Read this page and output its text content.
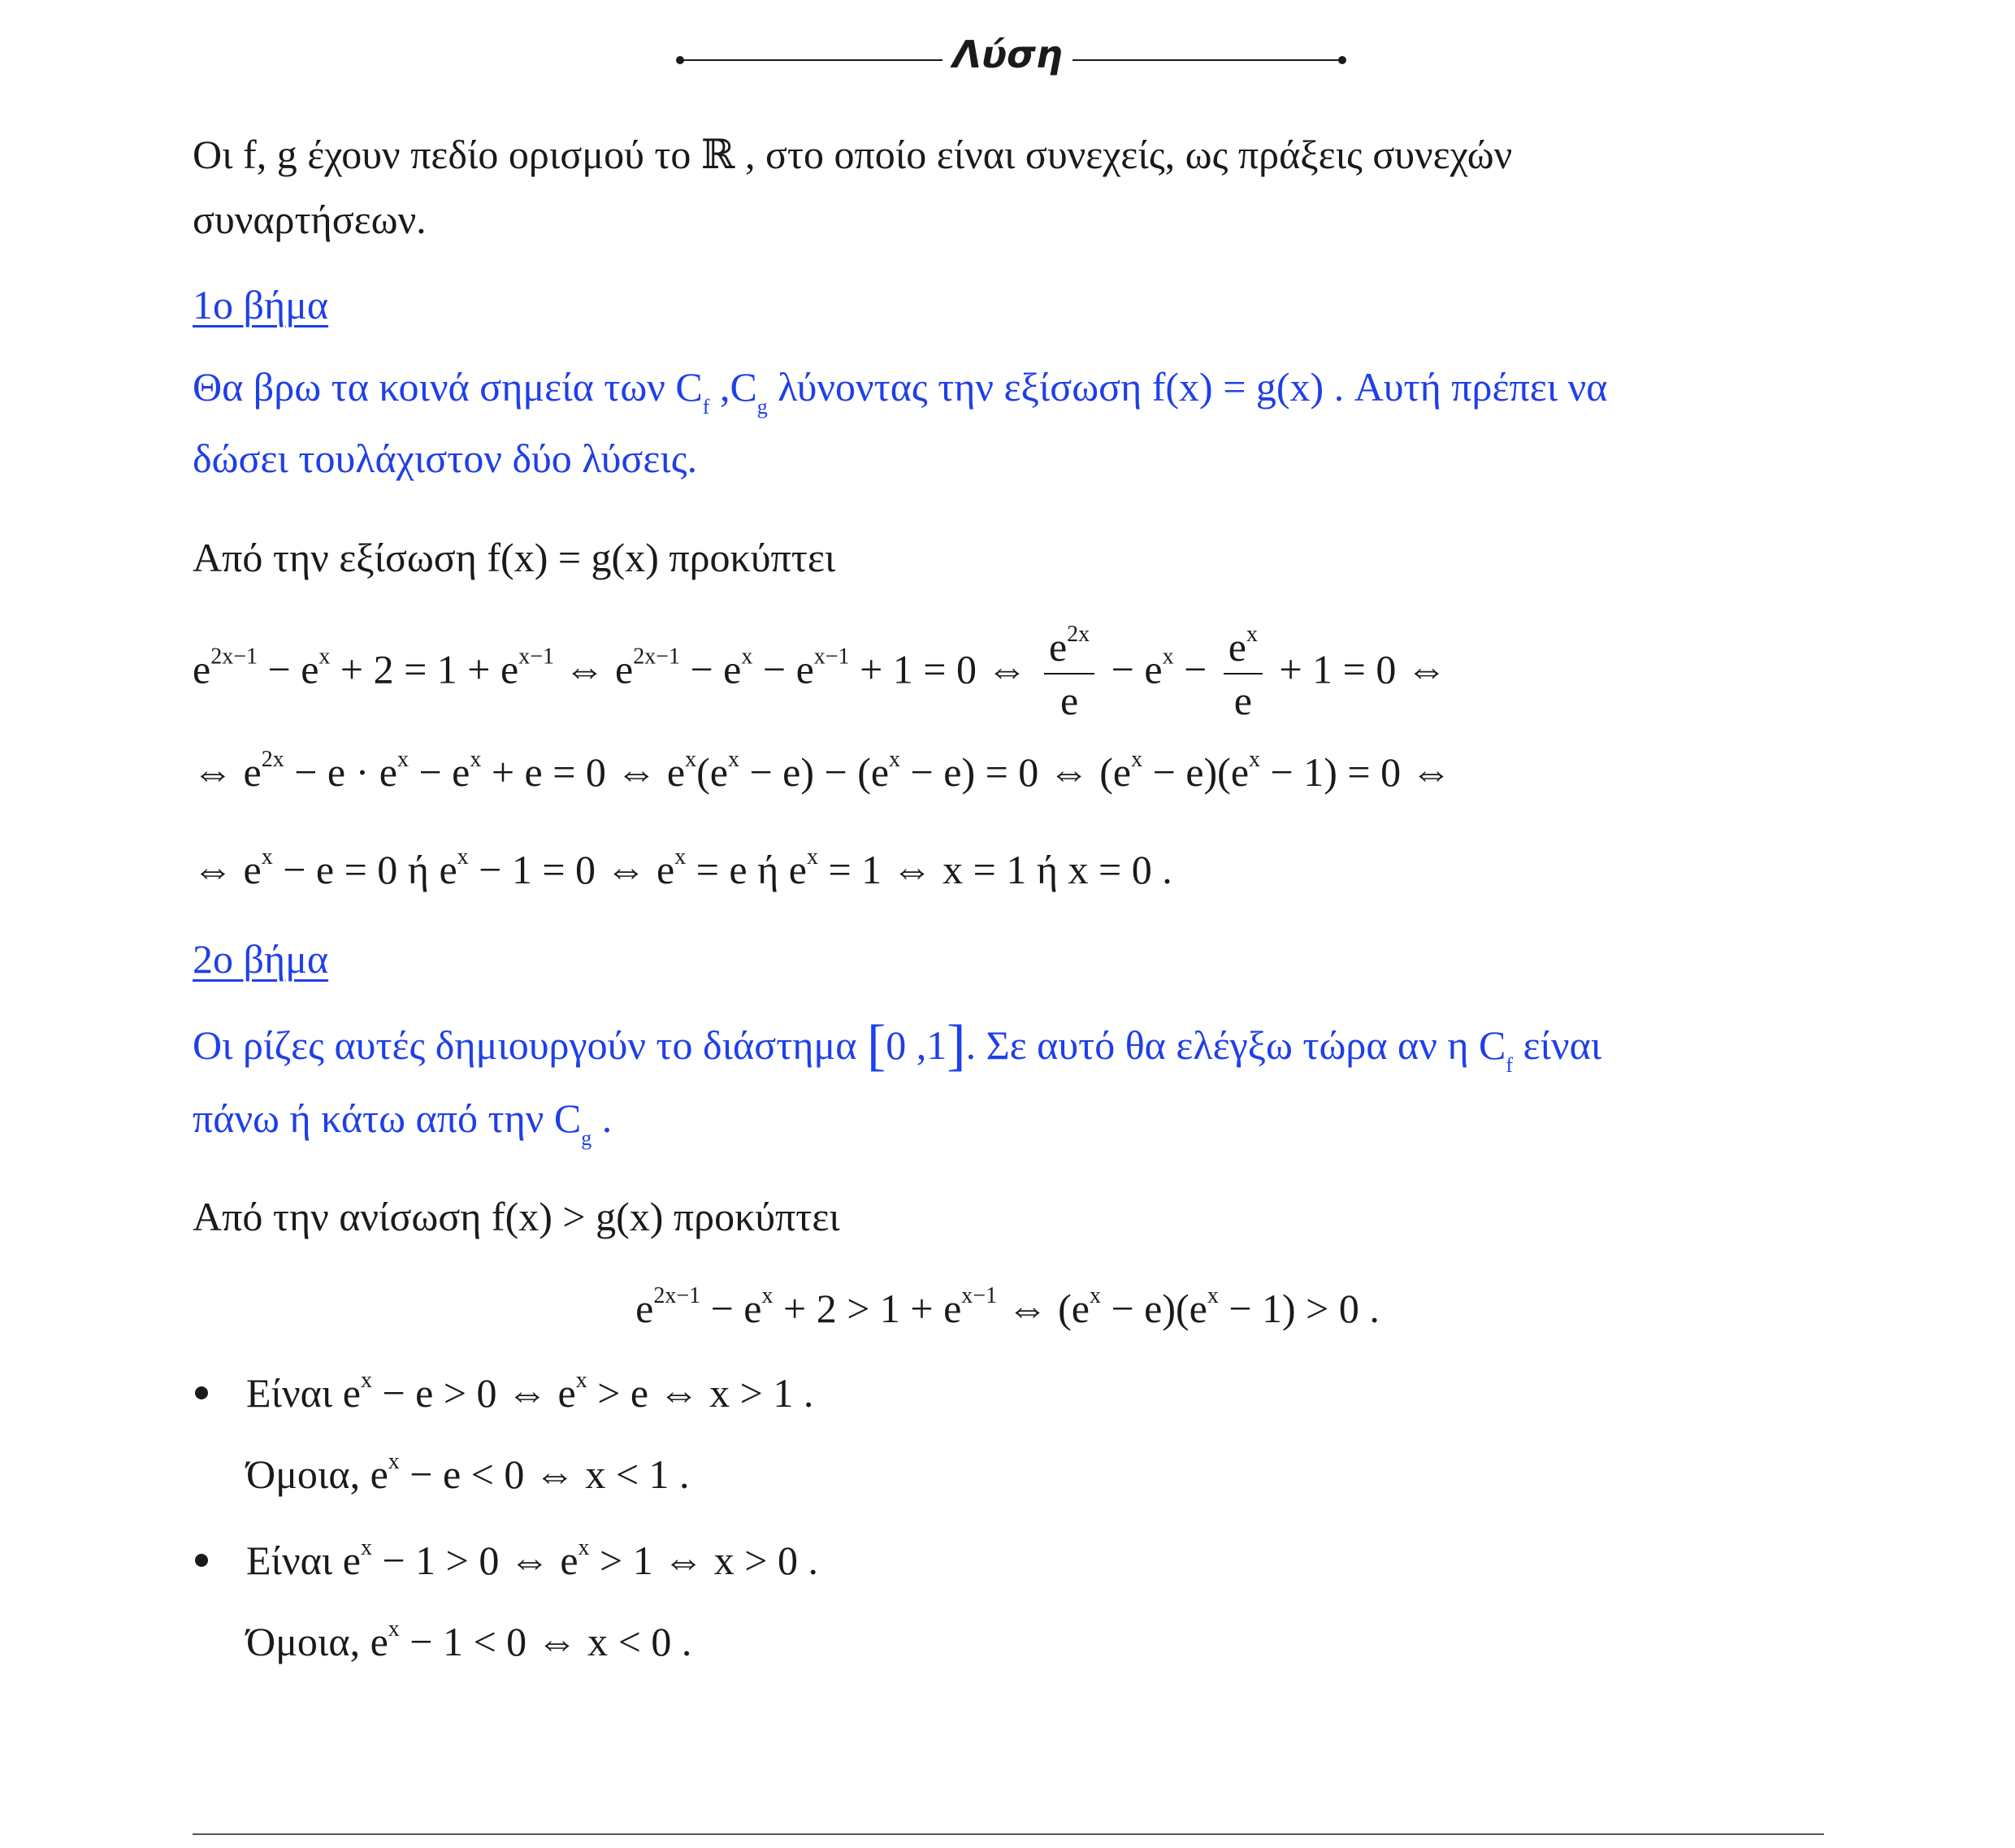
Λύση
Οι f, g έχουν πεδίο ορισμού το ℝ , στο οποίο είναι συνεχείς, ως πράξεις συνεχών
συναρτήσεων.
1ο βήμα
Θα βρω τα κοινά σημεία των $C_f$ $,C_g$ λύνοντας την εξίσωση f(x) = g(x) . Αυτή πρέπει να
δώσει τουλάχιστον δύο λύσεις.
Από την εξίσωση f(x) = g(x) προκύπτει
$e^{2x-1} - e^x + 2 = 1 + e^{x-1}$ ⇔ $e^{2x-1} - e^x - e^{x-1} + 1 = 0$ ⇔ $\frac{e^{2x}}{e} - e^x - \frac{e^x}{e} + 1 = 0$ ⇔
⇔ $e^{2x} - e \cdot e^x - e^x + e = 0$ ⇔ $e^x(e^x - e) - (e^x - e) = 0$ ⇔ $(e^x - e)(e^x - 1) = 0$ ⇔
⇔ $e^x - e = 0$ ή $e^x - 1 = 0$ ⇔ $e^x = e$ ή $e^x = 1$ ⇔ x = 1 ή x = 0 .
2ο βήμα
Οι ρίζες αυτές δημιουργούν το διάστημα [0 ,1]. Σε αυτό θα ελέγξω τώρα αν η $C_f$ είναι
πάνω ή κάτω από την $C_g$ .
Από την ανίσωση f(x) > g(x) προκύπτει
$e^{2x-1} - e^x + 2 > 1 + e^{x-1}$ ⇔ $(e^x - e)(e^x - 1) > 0$ .
Είναι $e^x - e > 0$ ⇔ $e^x > e$ ⇔ x > 1 .
Όμοια, $e^x - e < 0$ ⇔ x < 1 .
Είναι $e^x - 1 > 0$ ⇔ $e^x > 1$ ⇔ x > 0 .
Όμοια, $e^x - 1 < 0$ ⇔ x < 0 .
